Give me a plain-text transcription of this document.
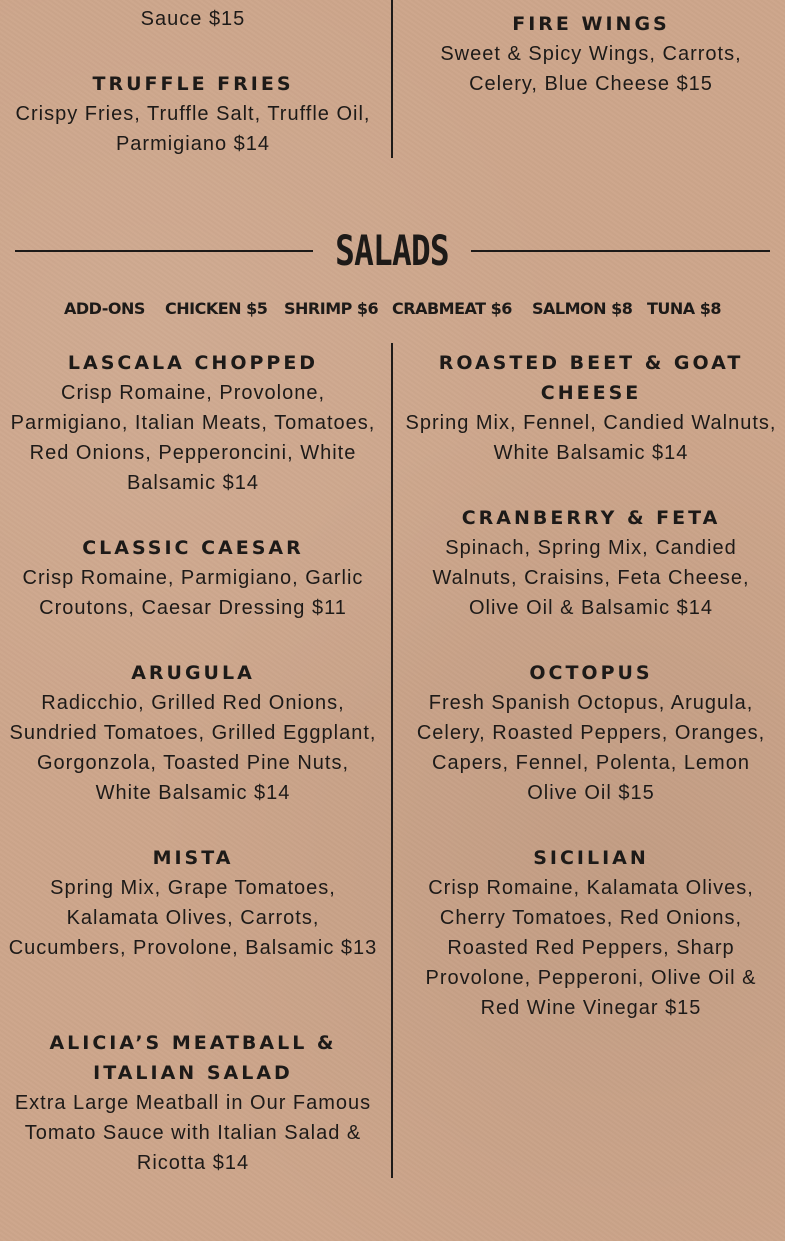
Sauce $15
TRUFFLE FRIES
Crispy Fries, Truffle Salt, Truffle Oil, Parmigiano $14
FIRE WINGS
Sweet & Spicy Wings, Carrots, Celery, Blue Cheese $15
SALADS
ADD-ONS CHICKEN $5 SHRIMP $6 CRABMEAT $6 SALMON $8 TUNA $8
LASCALA CHOPPED
Crisp Romaine, Provolone, Parmigiano, Italian Meats, Tomatoes, Red Onions, Pepperoncini, White Balsamic $14
CLASSIC CAESAR
Crisp Romaine, Parmigiano, Garlic Croutons, Caesar Dressing $11
ARUGULA
Radicchio, Grilled Red Onions, Sundried Tomatoes, Grilled Eggplant, Gorgonzola, Toasted Pine Nuts, White Balsamic $14
MISTA
Spring Mix, Grape Tomatoes, Kalamata Olives, Carrots, Cucumbers, Provolone, Balsamic $13
ALICIA’S MEATBALL & ITALIAN SALAD
Extra Large Meatball in Our Famous Tomato Sauce with Italian Salad & Ricotta $14
ROASTED BEET & GOAT CHEESE
Spring Mix, Fennel, Candied Walnuts, White Balsamic $14
CRANBERRY & FETA
Spinach, Spring Mix, Candied Walnuts, Craisins, Feta Cheese, Olive Oil & Balsamic $14
OCTOPUS
Fresh Spanish Octopus, Arugula, Celery, Roasted Peppers, Oranges, Capers, Fennel, Polenta, Lemon Olive Oil $15
SICILIAN
Crisp Romaine, Kalamata Olives, Cherry Tomatoes, Red Onions, Roasted Red Peppers, Sharp Provolone, Pepperoni, Olive Oil & Red Wine Vinegar $15
